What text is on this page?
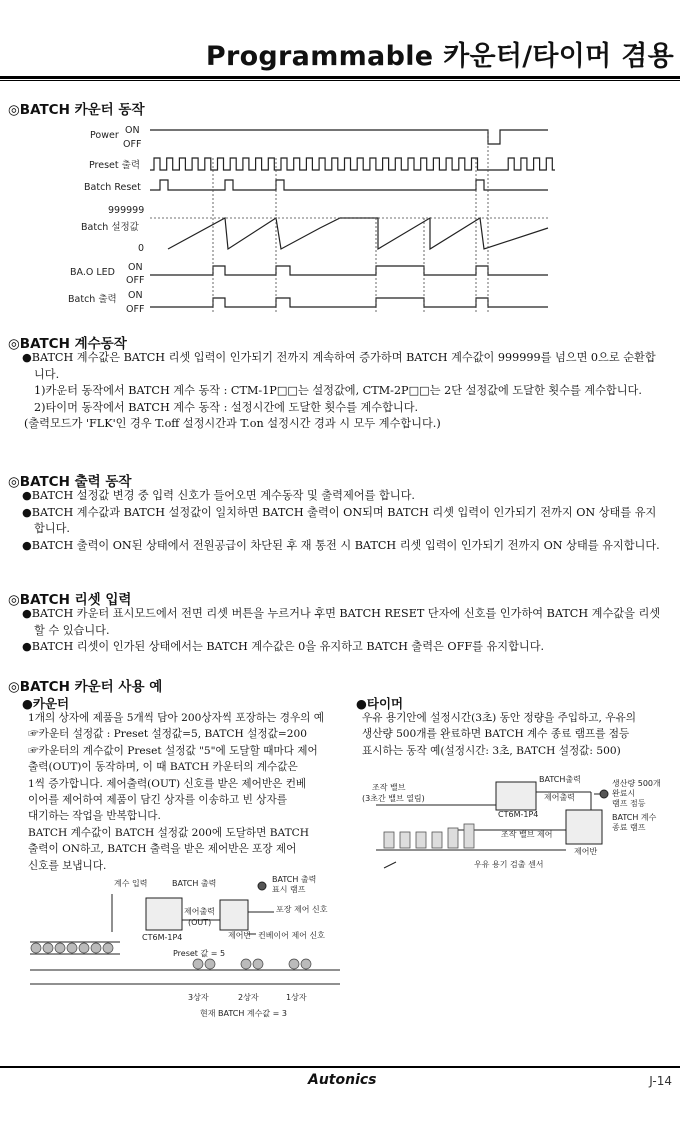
Programmable 카운터/타이머 겸용
◎BATCH 카운터 동작
Power ON
OFF
Preset 출력
Batch Reset
999999
Batch 설정값
0
BA.O LED ON
OFF
Batch 출력 ON
OFF
◎BATCH 계수동작

●BATCH 계수값은 BATCH 리셋 입력이 인가되기 전까지 계속하여 증가하며 BATCH 계수값이 999999를 넘으면 0으로 순환합니다.

1)카운터 동작에서 BATCH 계수 동작 : CTM-1P□□는 설정값에, CTM-2P□□는 2단 설정값에 도달한 횟수를 계수합니다.

2)타이머 동작에서 BATCH 계수 동작 : 설정시간에 도달한 횟수를 계수합니다.

(출력모드가 'FLK'인 경우 T.off 설정시간과 T.on 설정시간 경과 시 모두 계수합니다.)

◎BATCH 출력 동작

●BATCH 설정값 변경 중 입력 신호가 들어오면 계수동작 및 출력제어를 합니다.

●BATCH 계수값과 BATCH 설정값이 일치하면 BATCH 출력이 ON되며 BATCH 리셋 입력이 인가되기 전까지 ON 상태를 유지합니다.

●BATCH 출력이 ON된 상태에서 전원공급이 차단된 후 재 통전 시 BATCH 리셋 입력이 인가되기 전까지 ON 상태를 유지합니다.

◎BATCH 리셋 입력

●BATCH 카운터 표시모드에서 전면 리셋 버튼을 누르거나 후면 BATCH RESET 단자에 신호를 인가하여 BATCH 계수값을 리셋할 수 있습니다.

●BATCH 리셋이 인가된 상태에서는 BATCH 계수값은 0을 유지하고 BATCH 출력은 OFF를 유지합니다.

◎BATCH 카운터 사용 예
●카운터

1개의 상자에 제품을 5개씩 담아 200상자씩 포장하는 경우의 예

☞카운터 설정값 : Preset 설정값=5, BATCH 설정값=200

☞카운터의 계수값이 Preset 설정값 "5"에 도달할 때마다 제어

출력(OUT)이 동작하며, 이 때 BATCH 카운터의 계수값은

1씩 증가합니다. 제어출력(OUT) 신호를 받은 제어반은 컨베

이어를 제어하여 제품이 담긴 상자를 이송하고 빈 상자를

대기하는 작업을 반복합니다.

BATCH 계수값이 BATCH 설정값 200에 도달하면 BATCH

출력이 ON하고, BATCH 출력을 받은 제어반은 포장 제어

신호를 보냅니다.

●타이머

우유 용기안에 설정시간(3초) 동안 정량을 주입하고, 우유의

생산량 500개를 완료하면 BATCH 계수 종료 램프를 점등

표시하는 동작 예(설정시간: 3초, BATCH 설정값: 500)

조작 밸브
(3초간 밸브 열림)
BATCH출력
제어출력
CT6M-1P4
조작 밸브 제어
제어반
우유 용기 검출 센서
생산량 500개
완료시
램프 점등
BATCH 계수
종료 램프
계수 입력	BATCH 출력	BATCH 출력
표시 램프
제어출력
(OUT)
CT6M-1P4	제어반
포장 제어 신호
컨베이어 제어 신호
Preset 값 = 5
3상자	2상자	1상자
현재 BATCH 계수값 = 3
Autonics	J-14
